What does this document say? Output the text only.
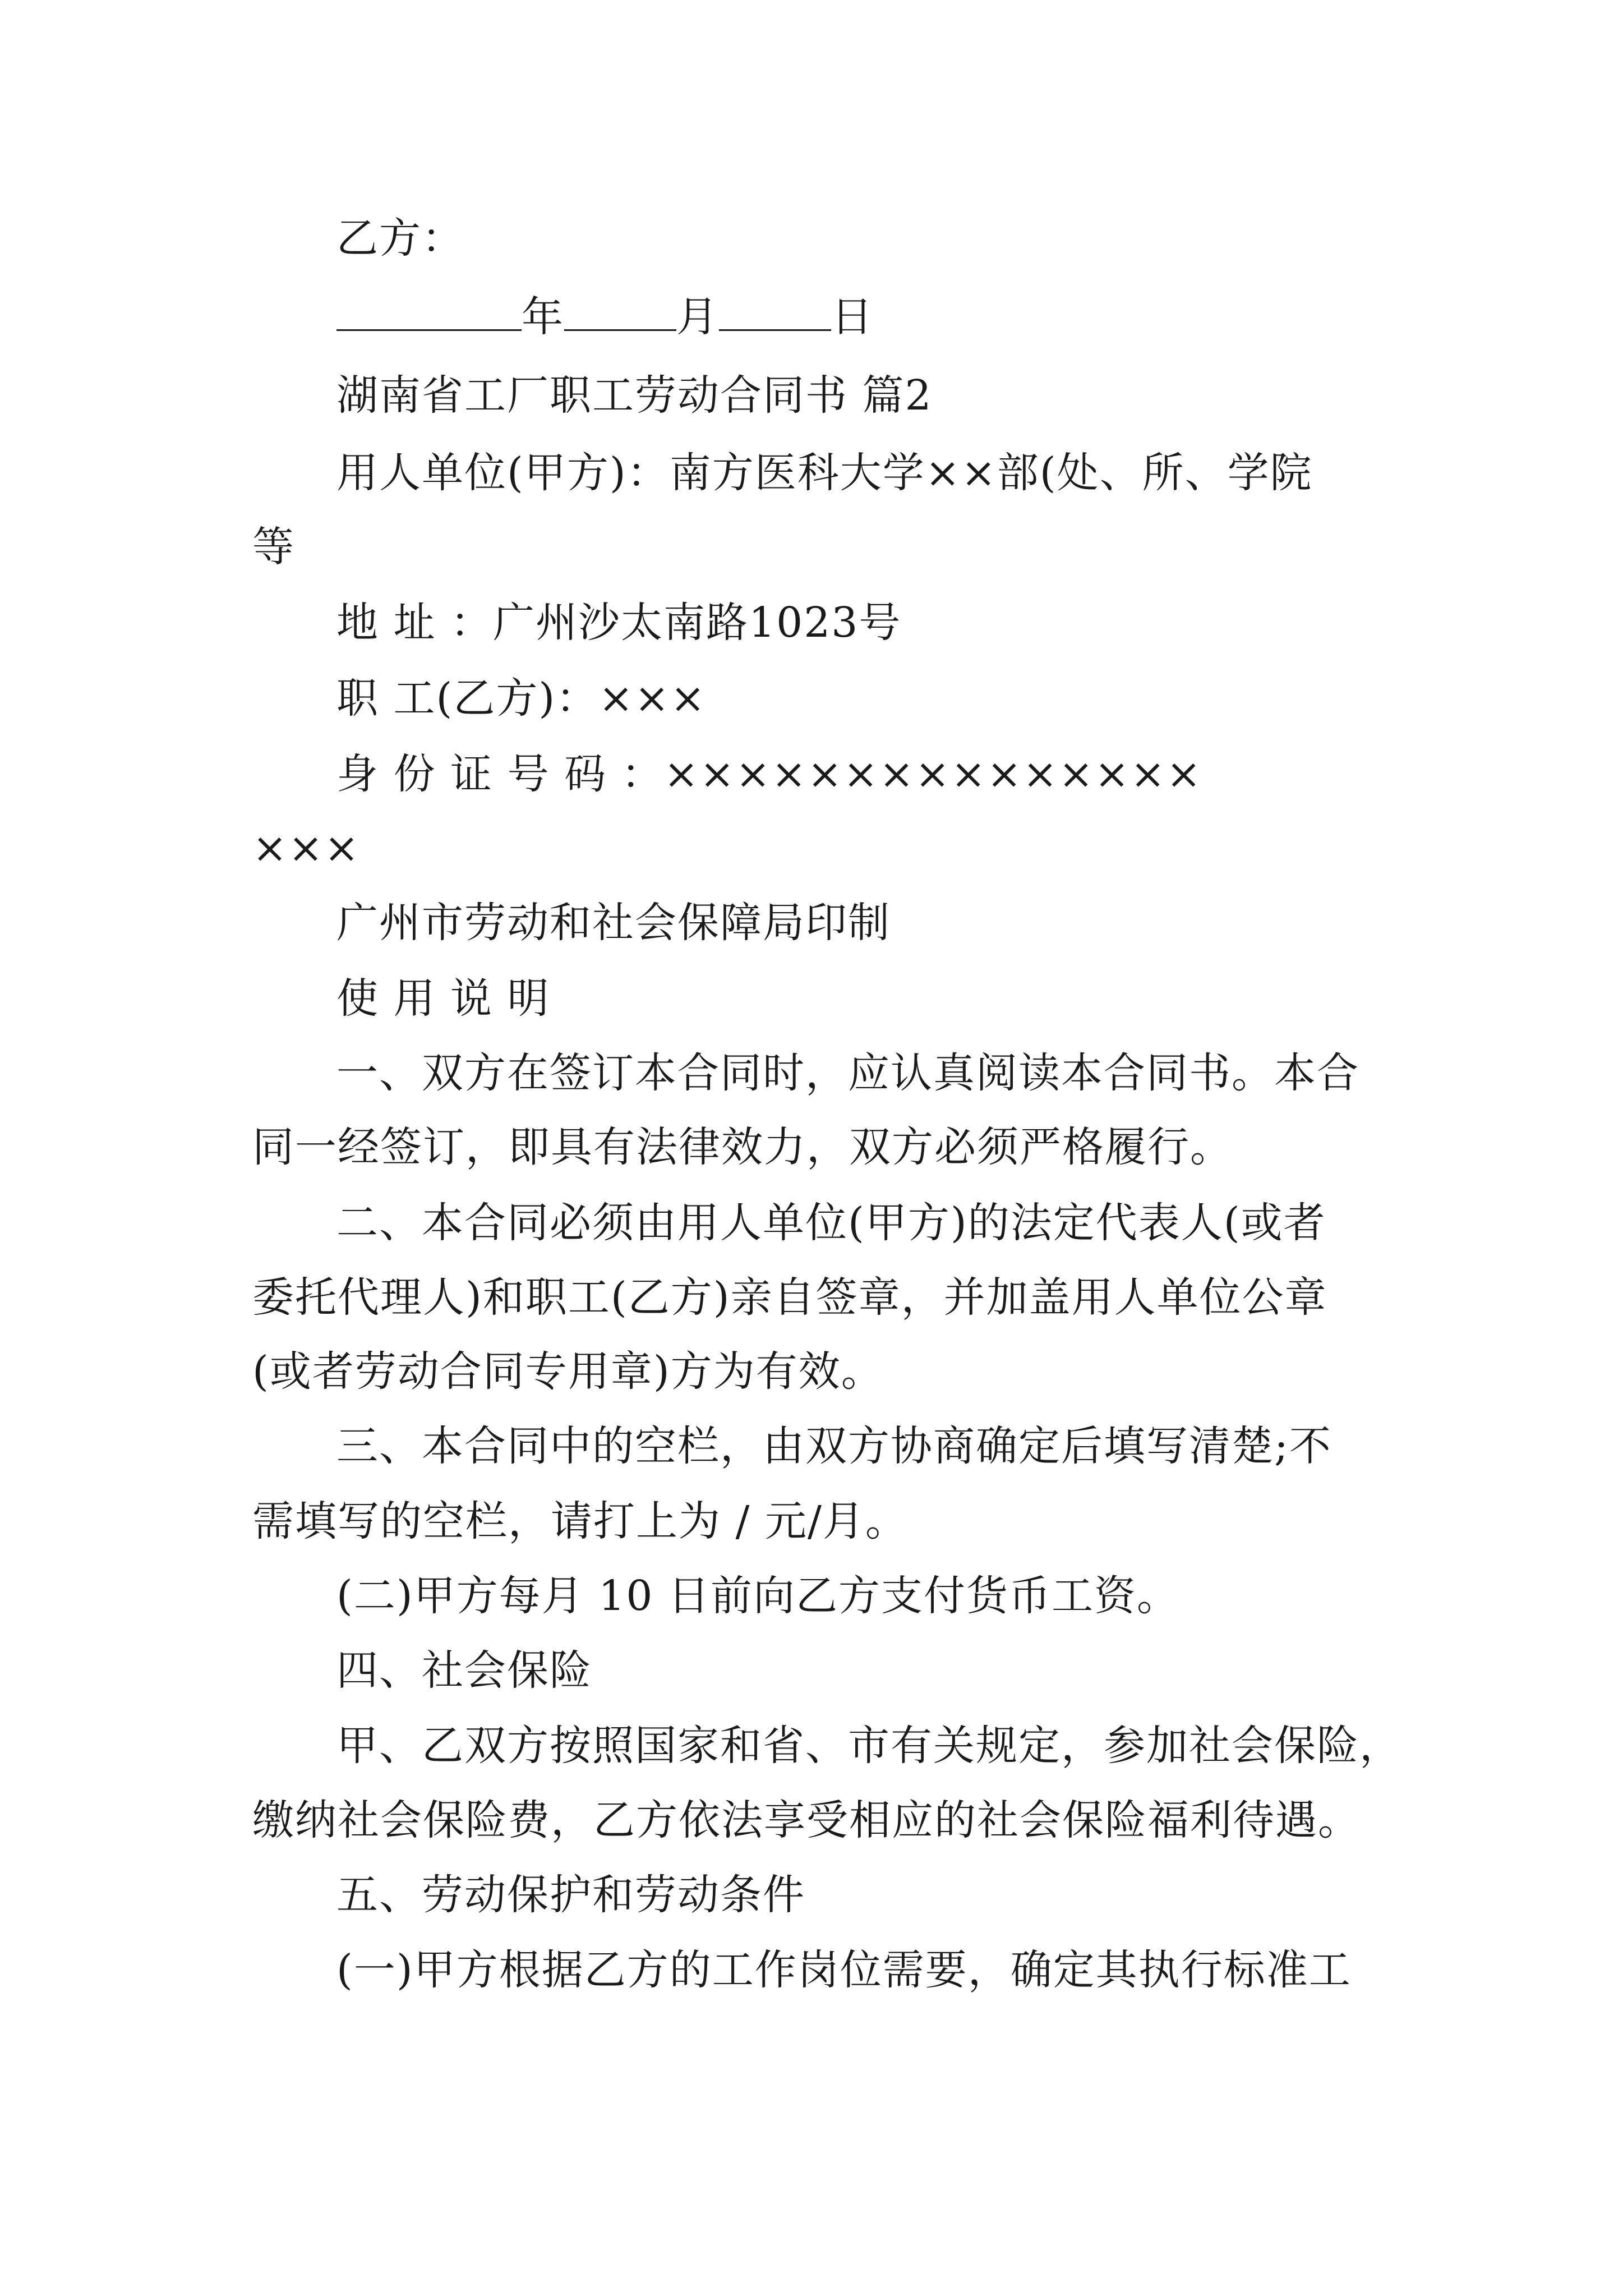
乙方：
年	月	日
湖南省工厂职工劳动合同书 篇2
用人单位(甲方)：南方医科大学××部(处、所、学院
等
地 址 ：广州沙太南路1023号
职 工(乙方)：×××
身 份 证 号 码 ：×××××××××××××××
×××
广州市劳动和社会保障局印制
使 用 说 明
一、双方在签订本合同时，应认真阅读本合同书。本合
同一经签订，即具有法律效力，双方必须严格履行。
二、本合同必须由用人单位(甲方)的法定代表人(或者
委托代理人)和职工(乙方)亲自签章，并加盖用人单位公章
(或者劳动合同专用章)方为有效。
三、本合同中的空栏，由双方协商确定后填写清楚;不
需填写的空栏，请打上为 / 元/月。
(二)甲方每月 10 日前向乙方支付货币工资。
四、社会保险
甲、乙双方按照国家和省、市有关规定，参加社会保险，
缴纳社会保险费，乙方依法享受相应的社会保险福利待遇。
五、劳动保护和劳动条件
(一)甲方根据乙方的工作岗位需要，确定其执行标准工
